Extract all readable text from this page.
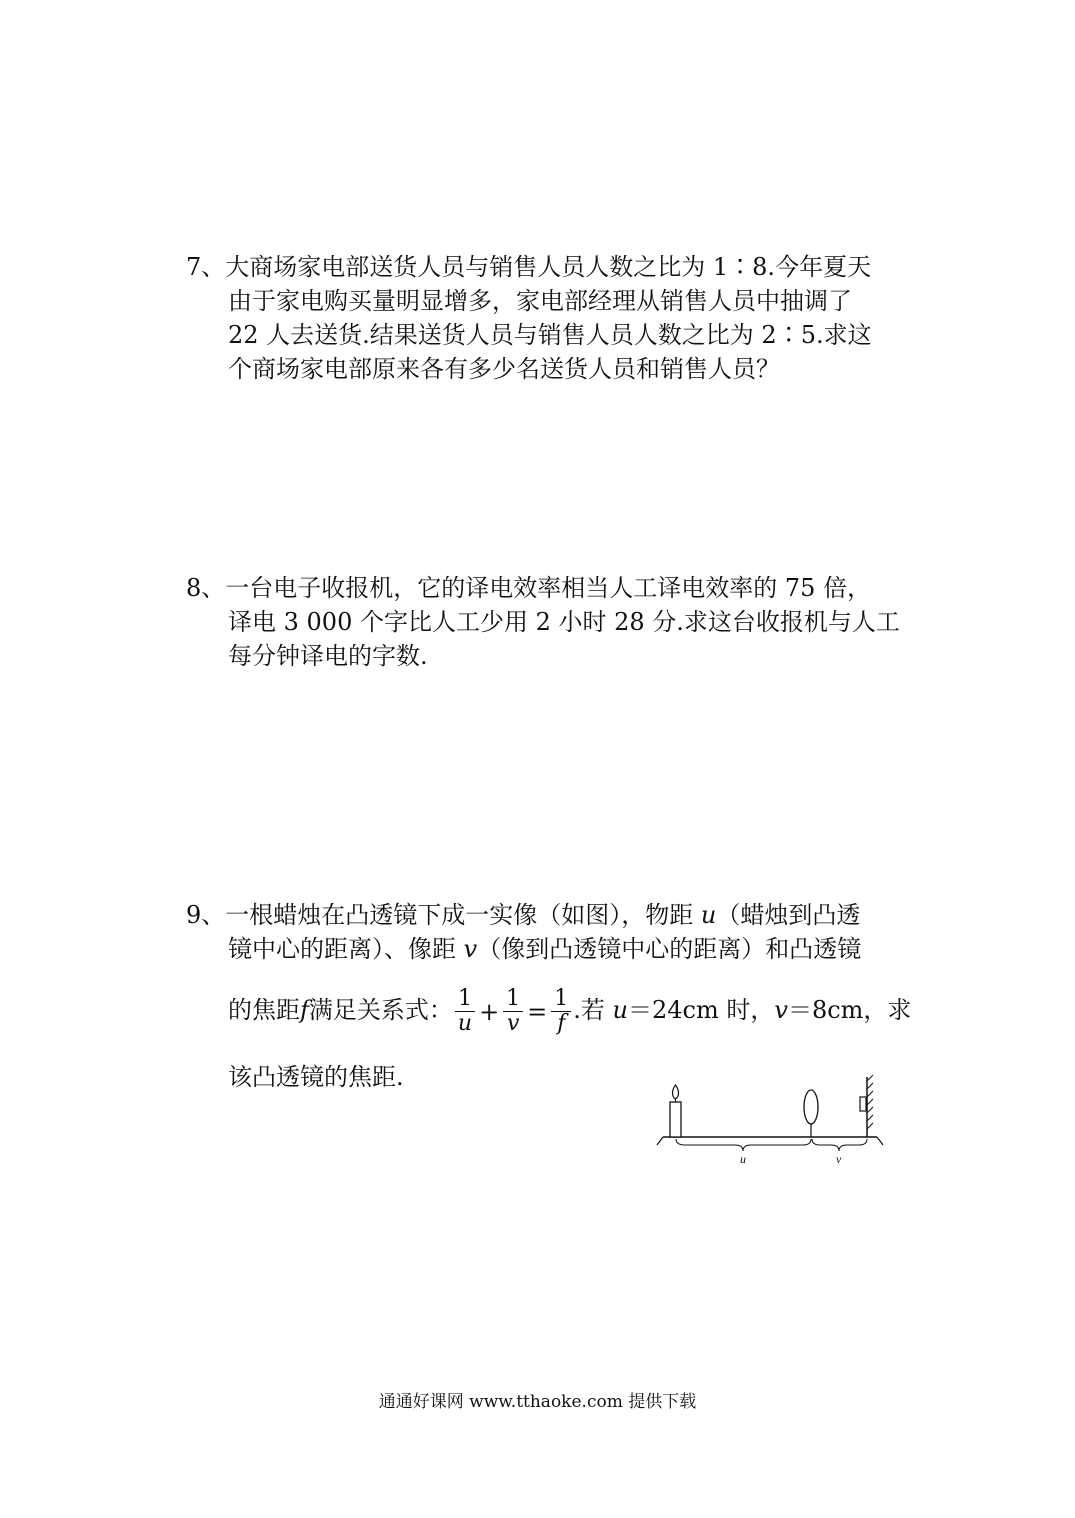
7、大商场家电部送货人员与销售人员人数之比为 1∶8.今年夏天
由于家电购买量明显增多，家电部经理从销售人员中抽调了
22 人去送货.结果送货人员与销售人员人数之比为 2∶5.求这
个商场家电部原来各有多少名送货人员和销售人员？
8、一台电子收报机，它的译电效率相当人工译电效率的 75 倍，
译电 3 000 个字比人工少用 2 小时 28 分.求这台收报机与人工
每分钟译电的字数.
9、一根蜡烛在凸透镜下成一实像（如图），物距 u（蜡烛到凸透
镜中心的距离）、像距 v（像到凸透镜中心的距离）和凸透镜
的焦距f满足关系式： $\frac{1}{u} + \frac{1}{v} = \frac{1}{f}$ .若 u＝24cm 时，v＝8cm，求
该凸透镜的焦距.
u	v
通通好课网 www.tthaoke.com 提供下载
